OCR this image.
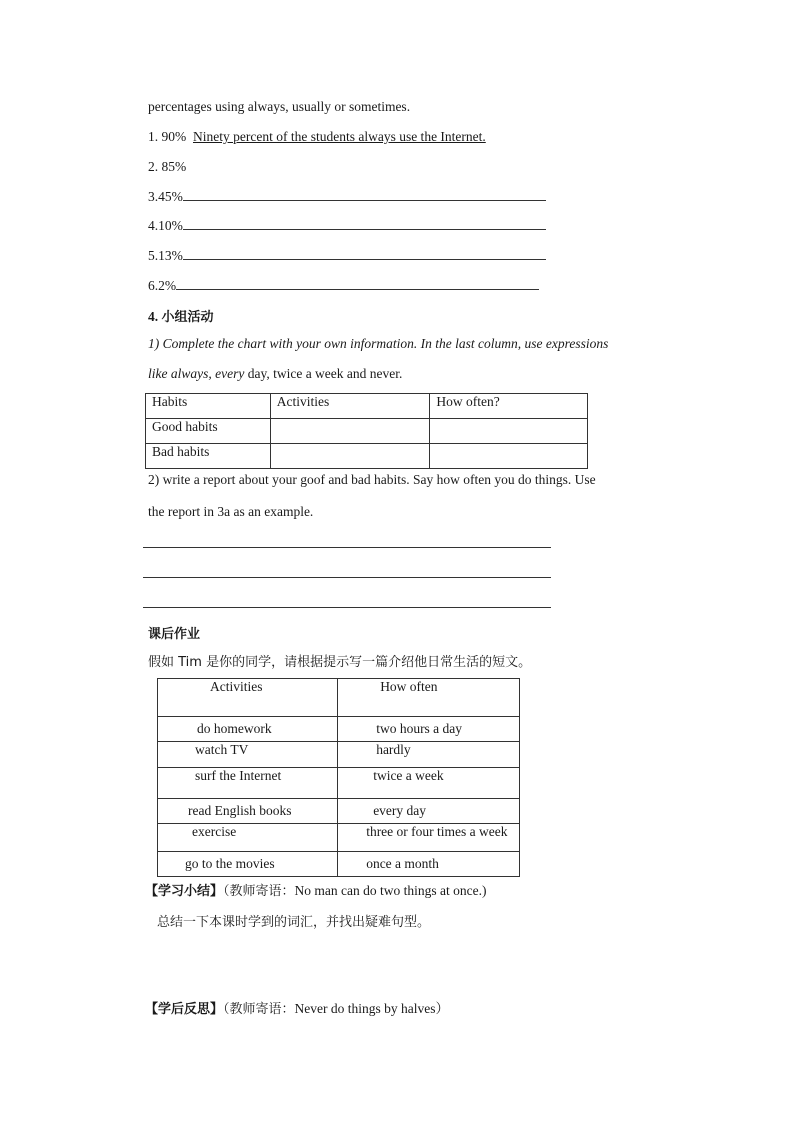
percentages using always, usually or sometimes.
1. 90% Ninety percent of the students always use the Internet.
2. 85%
3.45%
4.10%
5.13%
6.2%
4. 小组活动
1) Complete the chart with your own information. In the last column, use expressions
like always, every day, twice a week and never.
Habits	Activities	How often?
Good habits		
Bad habits		
2) write a report about your goof and bad habits. Say how often you do things. Use
the report in 3a as an example.
课后作业
假如 Tim 是你的同学，请根据提示写一篇介绍他日常生活的短文。
Activities	How often
do homework	two hours a day
watch TV	hardly
surf the Internet	twice a week
read English books	every day
exercise	three or four times a week
go to the movies	once a month
【学习小结】（教师寄语：No man can do two things at once.)
总结一下本课时学到的词汇，并找出疑难句型。
【学后反思】（教师寄语：Never do things by halves）
